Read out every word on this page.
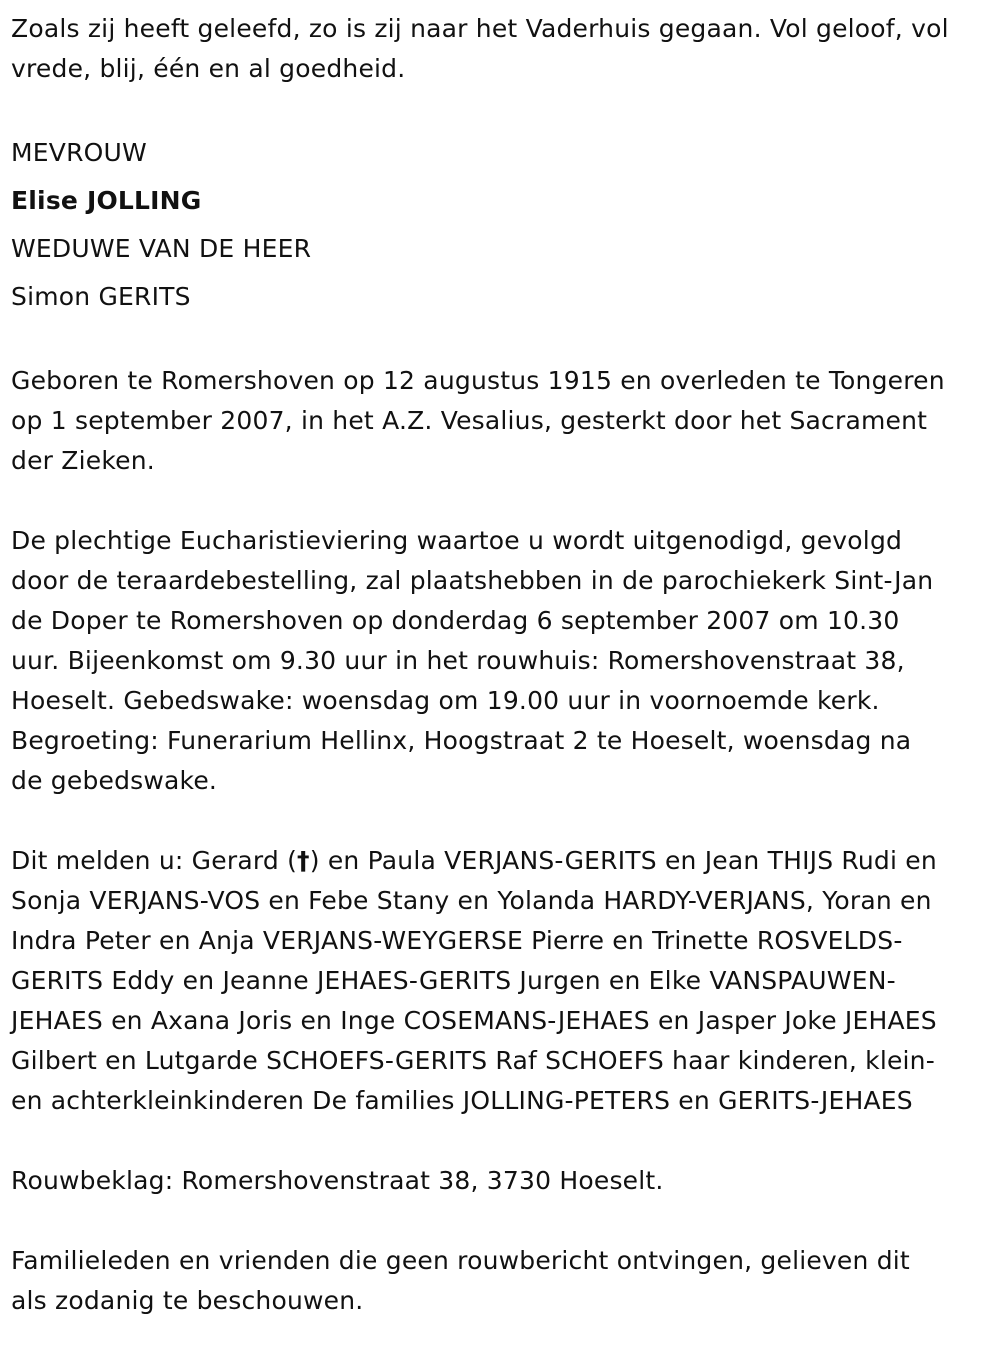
Zoals zij heeft geleefd, zo is zij naar het Vaderhuis gegaan. Vol geloof, vol
vrede, blij, één en al goedheid.
MEVROUW
Elise JOLLING
WEDUWE VAN DE HEER
Simon GERITS
Geboren te Romershoven op 12 augustus 1915 en overleden te Tongeren
op 1 september 2007, in het A.Z. Vesalius, gesterkt door het Sacrament
der Zieken.
De plechtige Eucharistieviering waartoe u wordt uitgenodigd, gevolgd
door de teraardebestelling, zal plaatshebben in de parochiekerk Sint-Jan
de Doper te Romershoven op donderdag 6 september 2007 om 10.30
uur. Bijeenkomst om 9.30 uur in het rouwhuis: Romershovenstraat 38,
Hoeselt. Gebedswake: woensdag om 19.00 uur in voornoemde kerk.
Begroeting: Funerarium Hellinx, Hoogstraat 2 te Hoeselt, woensdag na
de gebedswake.
Dit melden u: Gerard (†) en Paula VERJANS-GERITS en Jean THIJS Rudi en
Sonja VERJANS-VOS en Febe Stany en Yolanda HARDY-VERJANS, Yoran en
Indra Peter en Anja VERJANS-WEYGERSE Pierre en Trinette ROSVELDS-
GERITS Eddy en Jeanne JEHAES-GERITS Jurgen en Elke VANSPAUWEN-
JEHAES en Axana Joris en Inge COSEMANS-JEHAES en Jasper Joke JEHAES
Gilbert en Lutgarde SCHOEFS-GERITS Raf SCHOEFS haar kinderen, klein-
en achterkleinkinderen De families JOLLING-PETERS en GERITS-JEHAES
Rouwbeklag: Romershovenstraat 38, 3730 Hoeselt.
Familieleden en vrienden die geen rouwbericht ontvingen, gelieven dit
als zodanig te beschouwen.
